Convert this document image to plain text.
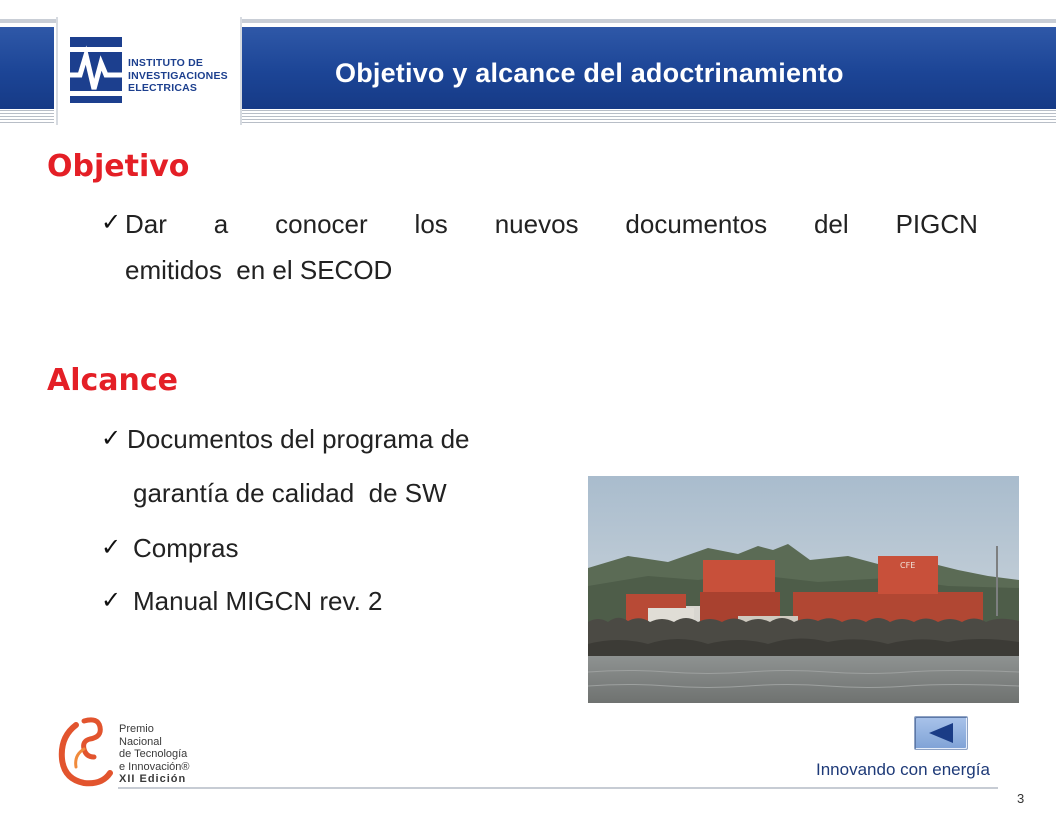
INSTITUTO DE
INVESTIGACIONES
ELECTRICAS	Objetivo y alcance del adoctrinamiento
Objetivo
✓ Dar a conocer los nuevos documentos del PIGCN
emitidos  en el SECOD
Alcance
✓ Documentos del programa de
garantía de calidad  de SW
✓ Compras
✓ Manual MIGCN rev. 2
CFE
Premio
Nacional
de Tecnología
e Innovación®
XII Edición	Innovando con energía
3
